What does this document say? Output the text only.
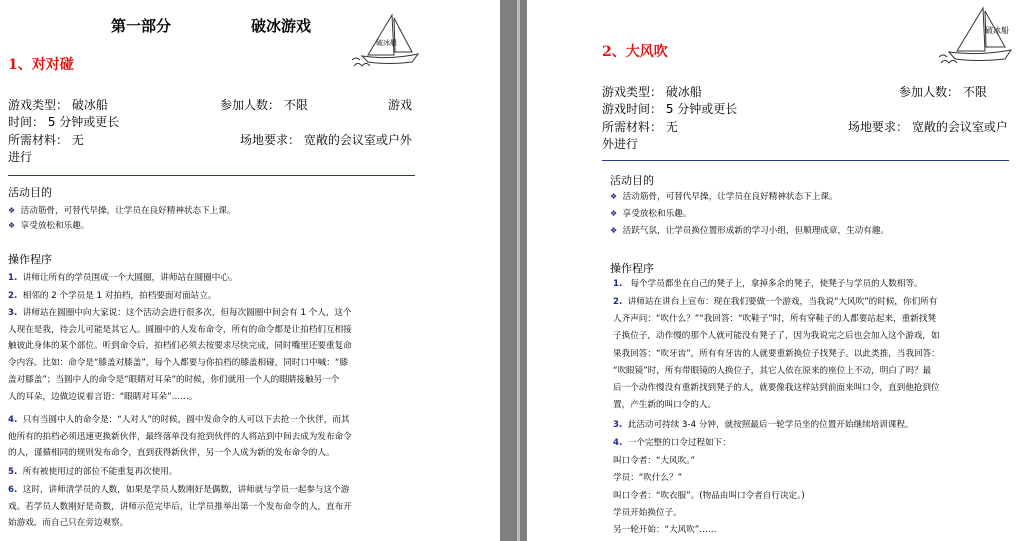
第一部分	破冰游戏
破冰船
1、对对碰
游戏类型： 破冰船	参加人数： 不限	游戏
时间： 5 分钟或更长
所需材料： 无	场地要求： 宽敞的会议室或户外
进行
活动目的
❖ 活动筋骨，可替代早操，让学员在良好精神状态下上课。
❖ 享受放松和乐趣。
操作程序
1. 讲师让所有的学员围成一个大圆圈，讲师站在圆圈中心。
2. 相邻的 2 个学员是 1 对拍档，拍档要面对面站立。
3. 讲师站在圆圈中向大家说：这个活动会进行很多次，但每次圆圈中间会有 1 个人，这个
人现在是我，待会儿可能是其它人。圆圈中的人发布命令，所有的命令都是让拍档们互相接
触彼此身体的某个部位。听到命令后，拍档们必须去按要求尽快完成，同时嘴里还要重复命
令内容。比如：命令是“膝盖对膝盖”，每个人都要与你拍档的膝盖相碰，同时口中喊：“膝
盖对膝盖”；当圆中人的命令是“眼睛对耳朵”的时候，你们就用一个人的眼睛接触另一个
人的耳朵，边做边说着言语：“眼睛对耳朵”……。
4. 只有当圆中人的命令是：“人对人”的时候，圆中发命令的人可以下去抢一个伙伴，而其
他所有的拍档必须迅速更换新伙伴，最终落单没有抢到伙伴的人将站到中间去成为发布命令
的人，谨循相同的规则发布命令，直到获得新伙伴，另一个人成为新的发布命令的人。
5. 所有被使用过的部位不能重复再次使用。
6. 这时，讲师清学员的人数，如果是学员人数刚好是偶数，讲师就与学员一起参与这个游
戏。若学员人数刚好是奇数，讲师示范完毕后，让学员推举出第一个发布命令的人，直布开
始游戏，而自己只在旁边观察。
破冰船
2、大风吹
游戏类型： 破冰船	参加人数： 不限
游戏时间： 5 分钟或更长
所需材料： 无	场地要求： 宽敞的会议室或户
外进行
活动目的
❖ 活动筋骨，可替代早操，让学员在良好精神状态下上课。
❖ 享受放松和乐趣。
❖ 活跃气氛，让学员换位置形成新的学习小组，但顺理成章，生动有趣。
操作程序
1.   每个学员都坐在自己的凳子上，拿掉多余的凳子，使凳子与学员的人数相等。
2. 讲师站在讲台上宣布：现在我们要做一个游戏，当我说“大风吹”的时候，你们所有
人齐声问：“吹什么？”“我回答：“吹鞋子”时，所有穿鞋子的人都要站起来，重新找凳
子换位子，动作慢的那个人就可能没有凳子了，因为我说完之后也会加入这个游戏，如
果我回答：“吹牙齿”，所有有牙齿的人就要重新换位子找凳子。以此类推，当我回答：
“吹眼镜”时，所有带眼镜的人换位子，其它人依在原来的座位上不动，明白了吗？最
后一个动作慢没有重新找到凳子的人，就要像我这样站到前面来叫口令，直到他抢到位
置，产生新的叫口令的人。
3. 此活动可持续 3-4 分钟，就按照最后一轮学员坐的位置开始继续培训课程。
4. 一个完整的口令过程如下：
叫口令者：“大风吹。”
学员：“吹什么？”
叫口令者：“吹衣服”。(物品由叫口令者自行决定。)
学员开始换位子。
另一轮开始：“大风吹”……
